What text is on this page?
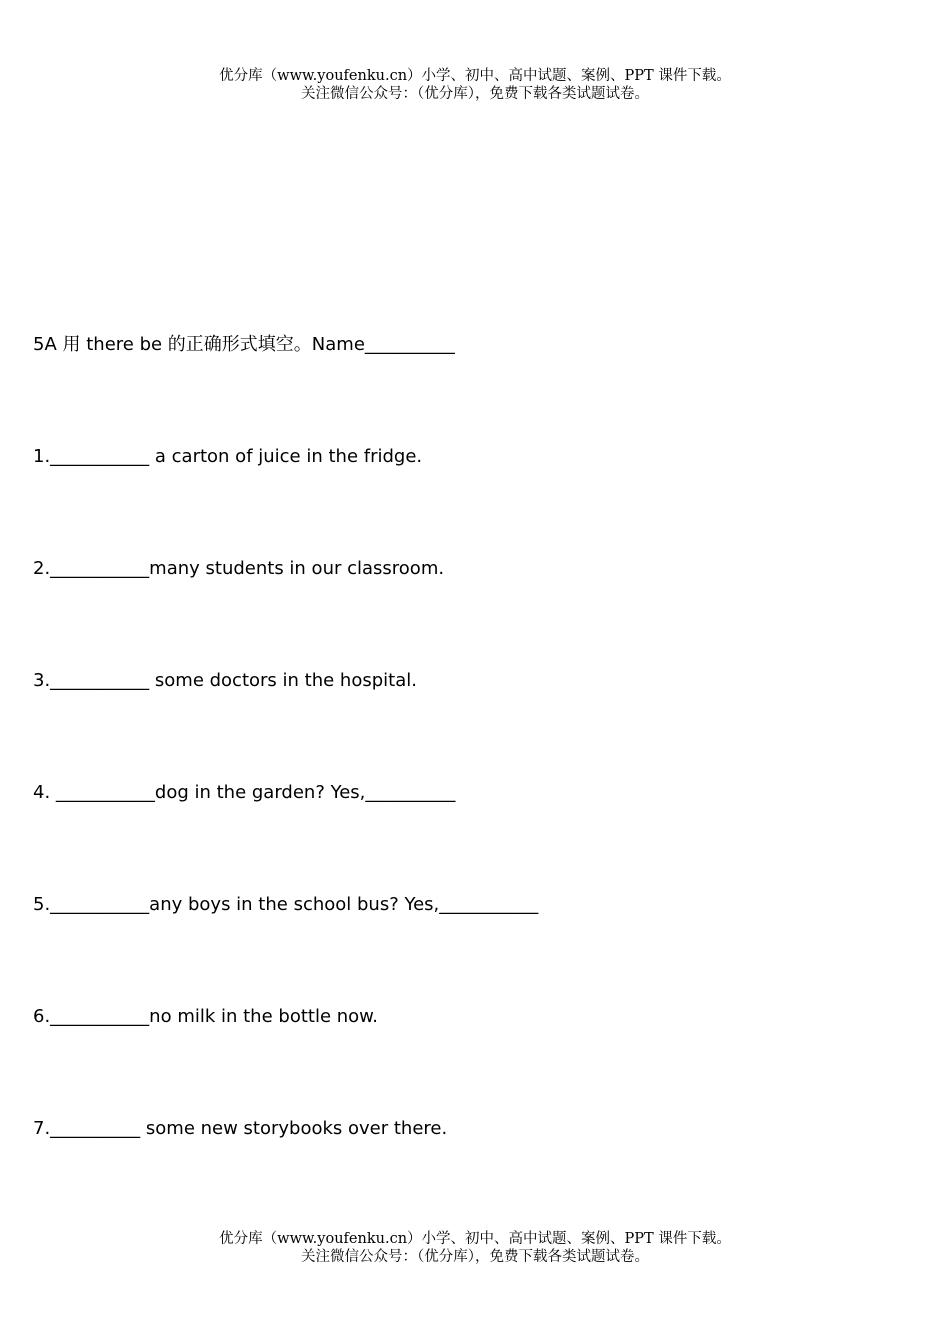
优分库（www.youfenku.cn）小学、初中、高中试题、案例、PPT 课件下载。
关注微信公众号：（优分库），免费下载各类试题试卷。

5A 用 there be 的正确形式填空。Name__________

1.___________ a carton of juice in the fridge.

2.___________many students in our classroom.

3.___________ some doctors in the hospital.

4. ___________dog in the garden? Yes,__________

5.___________any boys in the school bus? Yes,___________

6.___________no milk in the bottle now.

7.__________ some new storybooks over there.

优分库（www.youfenku.cn）小学、初中、高中试题、案例、PPT 课件下载。
关注微信公众号：（优分库），免费下载各类试题试卷。
